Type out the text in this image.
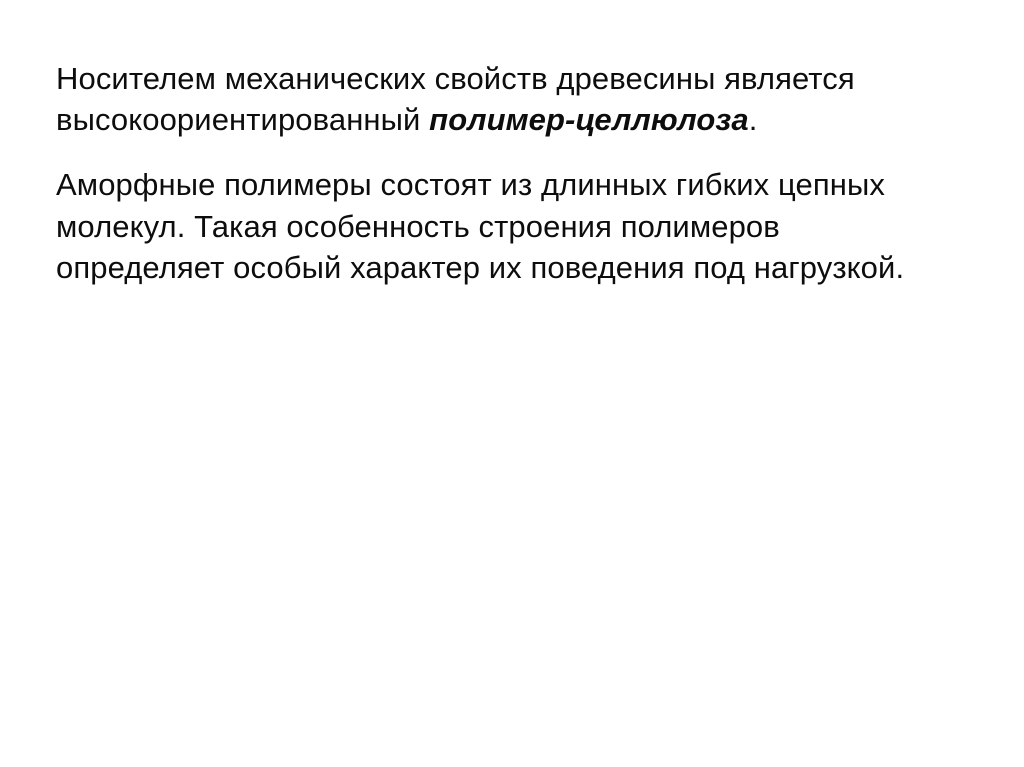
Носителем механических свойств древесины является высокоориентированный полимер-целлюлоза.

Аморфные полимеры состоят из длинных гибких цепных молекул. Такая особенность строения полимеров определяет особый характер их поведения под нагрузкой.
